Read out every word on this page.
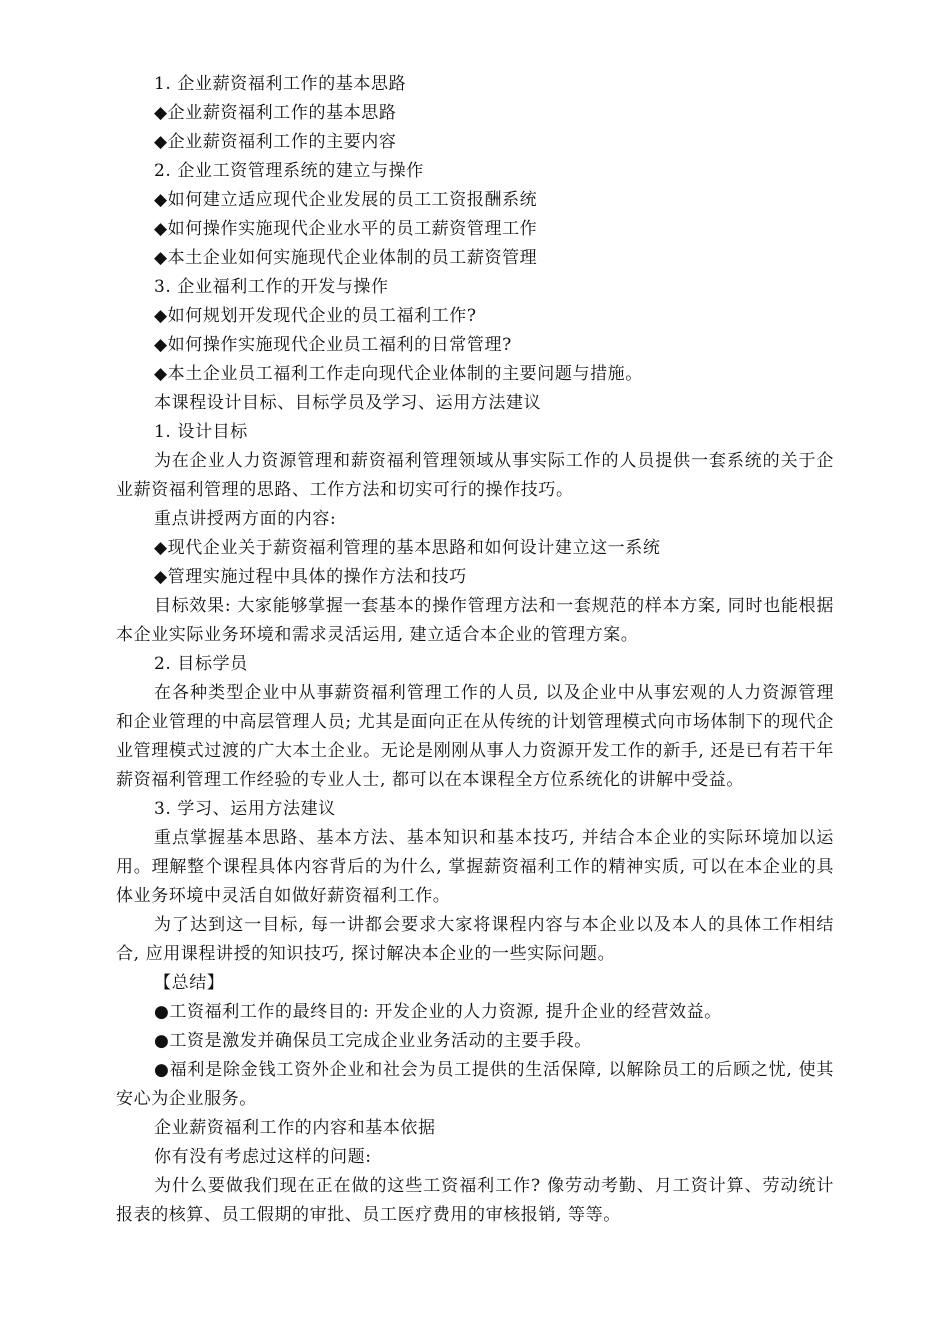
1. 企业薪资福利工作的基本思路
◆企业薪资福利工作的基本思路
◆企业薪资福利工作的主要内容
2. 企业工资管理系统的建立与操作
◆如何建立适应现代企业发展的员工工资报酬系统
◆如何操作实施现代企业水平的员工薪资管理工作
◆本土企业如何实施现代企业体制的员工薪资管理
3. 企业福利工作的开发与操作
◆如何规划开发现代企业的员工福利工作?
◆如何操作实施现代企业员工福利的日常管理?
◆本土企业员工福利工作走向现代企业体制的主要问题与措施。
本课程设计目标、目标学员及学习、运用方法建议
1. 设计目标
为在企业人力资源管理和薪资福利管理领域从事实际工作的人员提供一套系统的关于企业薪资福利管理的思路、工作方法和切实可行的操作技巧。
重点讲授两方面的内容:
◆现代企业关于薪资福利管理的基本思路和如何设计建立这一系统
◆管理实施过程中具体的操作方法和技巧
目标效果: 大家能够掌握一套基本的操作管理方法和一套规范的样本方案, 同时也能根据本企业实际业务环境和需求灵活运用, 建立适合本企业的管理方案。
2. 目标学员
在各种类型企业中从事薪资福利管理工作的人员, 以及企业中从事宏观的人力资源管理和企业管理的中高层管理人员; 尤其是面向正在从传统的计划管理模式向市场体制下的现代企业管理模式过渡的广大本土企业。无论是刚刚从事人力资源开发工作的新手, 还是已有若干年薪资福利管理工作经验的专业人士, 都可以在本课程全方位系统化的讲解中受益。
3. 学习、运用方法建议
重点掌握基本思路、基本方法、基本知识和基本技巧, 并结合本企业的实际环境加以运用。理解整个课程具体内容背后的为什么, 掌握薪资福利工作的精神实质, 可以在本企业的具体业务环境中灵活自如做好薪资福利工作。
为了达到这一目标, 每一讲都会要求大家将课程内容与本企业以及本人的具体工作相结合, 应用课程讲授的知识技巧, 探讨解决本企业的一些实际问题。
【总结】
●工资福利工作的最终目的: 开发企业的人力资源, 提升企业的经营效益。
●工资是激发并确保员工完成企业业务活动的主要手段。
●福利是除金钱工资外企业和社会为员工提供的生活保障, 以解除员工的后顾之忧, 使其安心为企业服务。
企业薪资福利工作的内容和基本依据
你有没有考虑过这样的问题:
为什么要做我们现在正在做的这些工资福利工作? 像劳动考勤、月工资计算、劳动统计报表的核算、员工假期的审批、员工医疗费用的审核报销, 等等。
